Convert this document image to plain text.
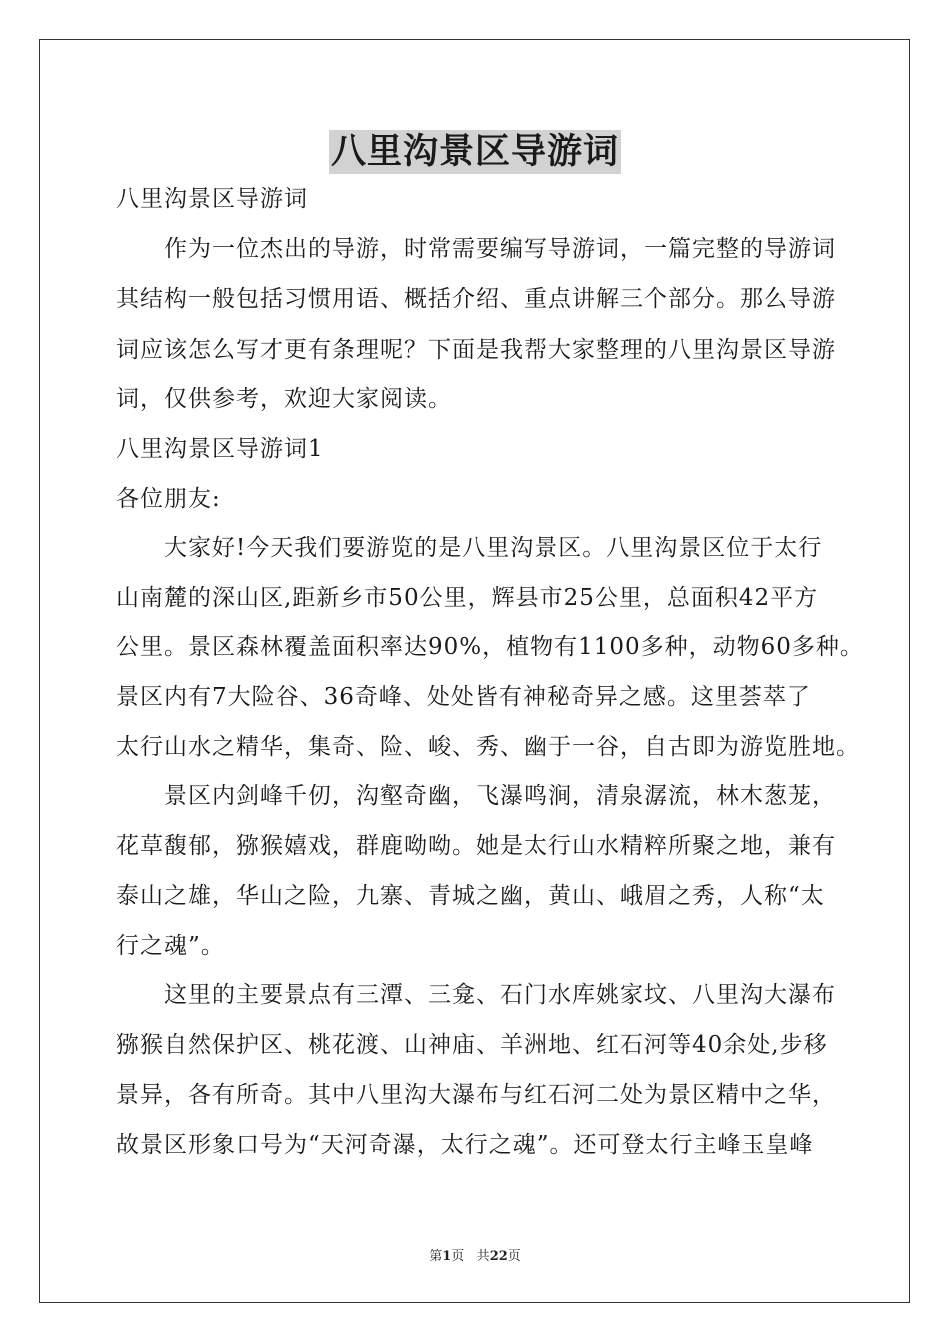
八里沟景区导游词
八里沟景区导游词
　　作为一位杰出的导游，时常需要编写导游词，一篇完整的导游词
其结构一般包括习惯用语、概括介绍、重点讲解三个部分。那么导游
词应该怎么写才更有条理呢？下面是我帮大家整理的八里沟景区导游
词，仅供参考，欢迎大家阅读。
八里沟景区导游词1
各位朋友:
　　大家好!今天我们要游览的是八里沟景区。八里沟景区位于太行
山南麓的深山区,距新乡市50公里，辉县市25公里，总面积42平方
公里。景区森林覆盖面积率达90%，植物有1100多种，动物60多种。
景区内有7大险谷、36奇峰、处处皆有神秘奇异之感。这里荟萃了
太行山水之精华，集奇、险、峻、秀、幽于一谷，自古即为游览胜地。
　　景区内剑峰千仞，沟壑奇幽，飞瀑鸣涧，清泉潺流，林木葱茏，
花草馥郁，猕猴嬉戏，群鹿呦呦。她是太行山水精粹所聚之地，兼有
泰山之雄，华山之险，九寨、青城之幽，黄山、峨眉之秀，人称“太
行之魂”。
　　这里的主要景点有三潭、三龛、石门水库姚家坟、八里沟大瀑布
猕猴自然保护区、桃花渡、山神庙、羊洲地、红石河等40余处,步移
景异，各有所奇。其中八里沟大瀑布与红石河二处为景区精中之华，
故景区形象口号为“天河奇瀑，太行之魂”。还可登太行主峰玉皇峰
第1页 共22页
